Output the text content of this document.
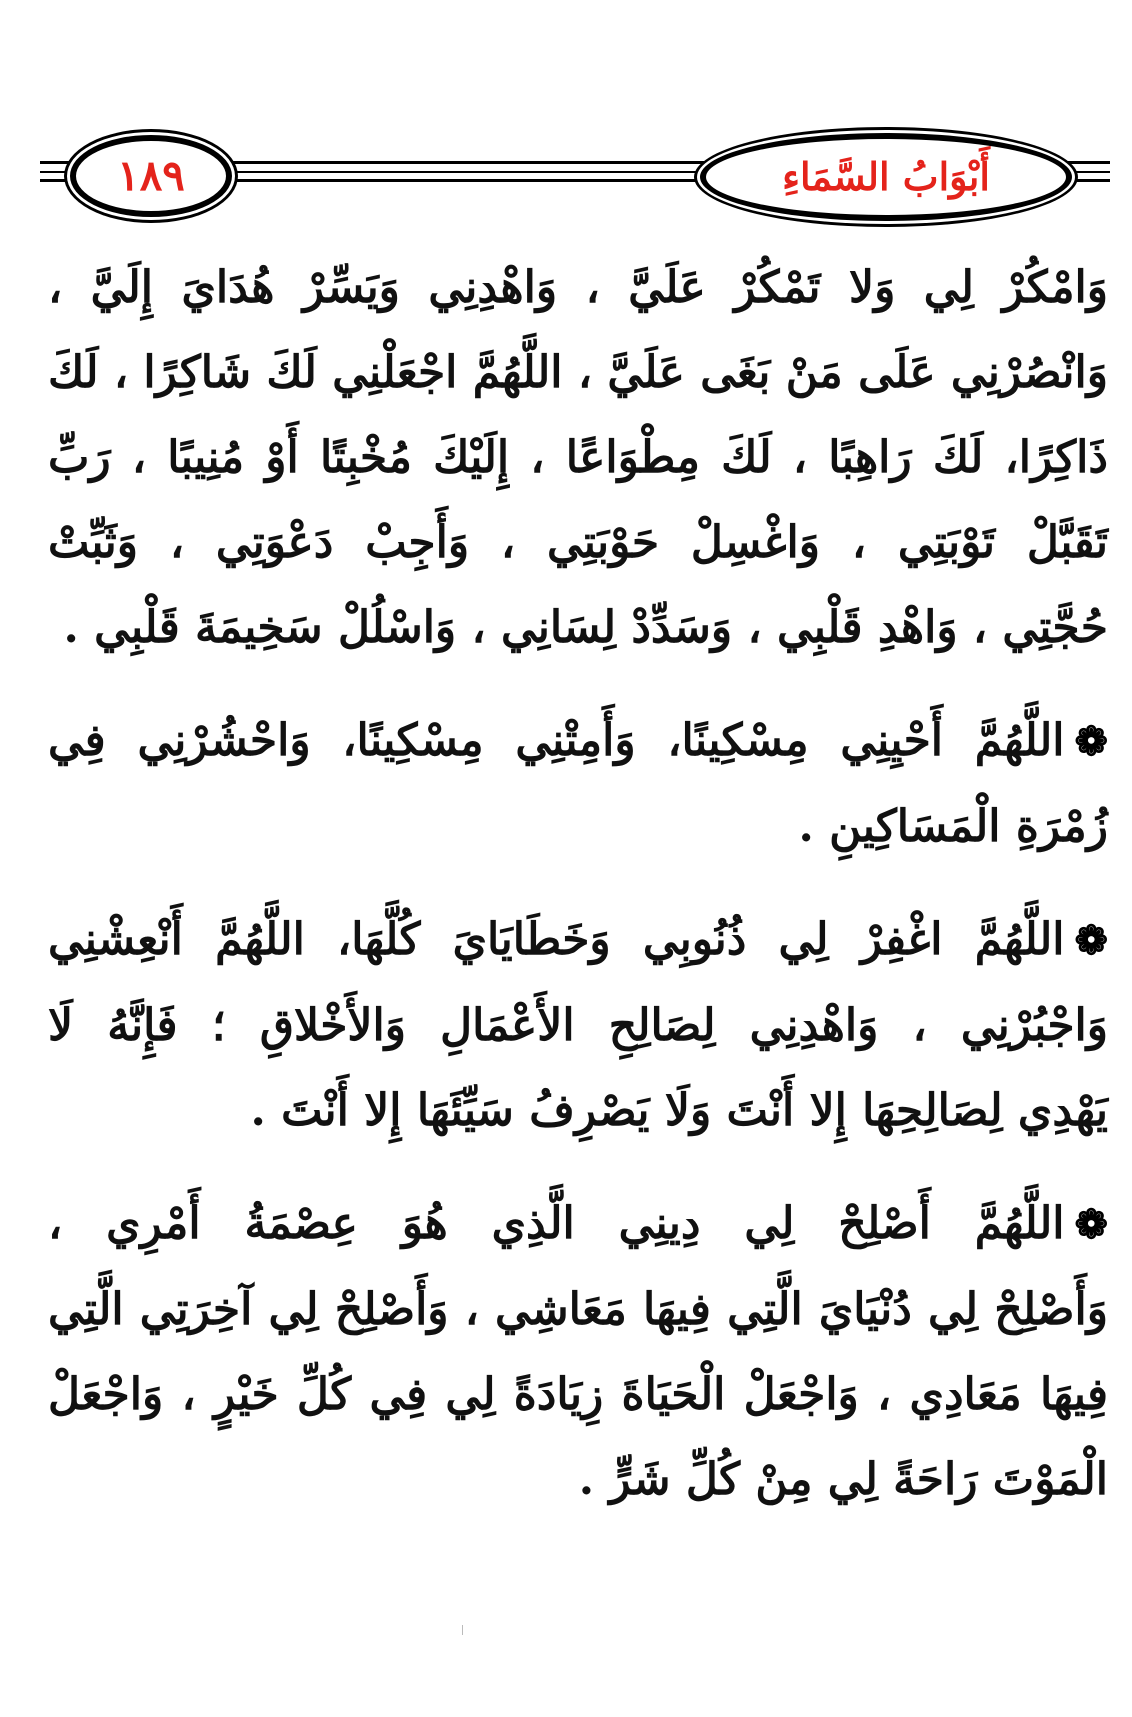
١٨٩	أَبْوَابُ السَّمَاءِ
وَامْكُرْ لِي وَلا تَمْكُرْ عَلَيَّ ، وَاهْدِنِي وَيَسِّرْ هُدَايَ إِلَيَّ ،
وَانْصُرْنِي عَلَى مَنْ بَغَى عَلَيَّ ، اللَّهُمَّ اجْعَلْنِي لَكَ شَاكِرًا ، لَكَ
ذَاكِرًا، لَكَ رَاهِبًا ، لَكَ مِطْوَاعًا ، إِلَيْكَ مُخْبِتًا أَوْ مُنِيبًا ، رَبِّ
تَقَبَّلْ تَوْبَتِي ، وَاغْسِلْ حَوْبَتِي ، وَأَجِبْ دَعْوَتِي ، وَثَبِّتْ
حُجَّتِي ، وَاهْدِ قَلْبِي ، وَسَدِّدْ لِسَانِي ، وَاسْلُلْ سَخِيمَةَ قَلْبِي .
❁اللَّهُمَّ أَحْيِنِي مِسْكِينًا، وَأَمِتْنِي مِسْكِينًا، وَاحْشُرْنِي فِي
زُمْرَةِ الْمَسَاكِينِ .
❁اللَّهُمَّ اغْفِرْ لِي ذُنُوبِي وَخَطَايَايَ كُلَّهَا، اللَّهُمَّ أَنْعِشْنِي
وَاجْبُرْنِي ، وَاهْدِنِي لِصَالِحِ الأَعْمَالِ وَالأَخْلاقِ ؛ فَإِنَّهُ لَا
يَهْدِي لِصَالِحِهَا إِلا أَنْتَ وَلَا يَصْرِفُ سَيِّئَهَا إِلا أَنْتَ .
❁اللَّهُمَّ أَصْلِحْ لِي دِينِي الَّذِي هُوَ عِصْمَةُ أَمْرِي ،
وَأَصْلِحْ لِي دُنْيَايَ الَّتِي فِيهَا مَعَاشِي ، وَأَصْلِحْ لِي آخِرَتِي الَّتِي
فِيهَا مَعَادِي ، وَاجْعَلْ الْحَيَاةَ زِيَادَةً لِي فِي كُلِّ خَيْرٍ ، وَاجْعَلْ
الْمَوْتَ رَاحَةً لِي مِنْ كُلِّ شَرٍّ .
